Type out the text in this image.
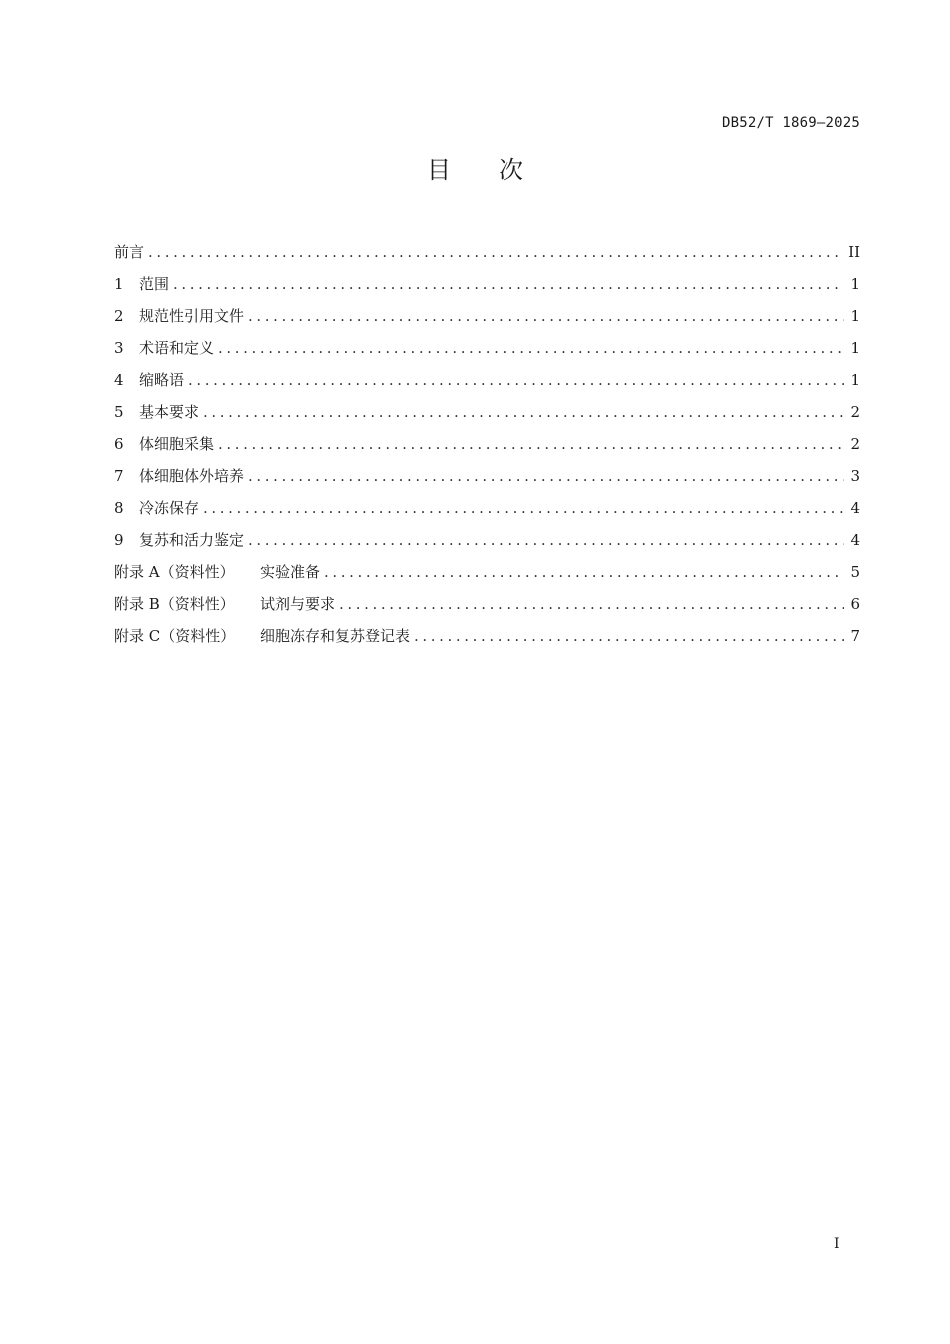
DB52/T 1869—2025
目次
前言 .....	II
1	范围 .....	1
2	规范性引用文件 .....	1
3	术语和定义 .....	1
4	缩略语 .....	1
5	基本要求 .....	2
6	体细胞采集 .....	2
7	体细胞体外培养 .....	3
8	冷冻保存 .....	4
9	复苏和活力鉴定 .....	4
附录 A（资料性）	实验准备 .....	5
附录 B（资料性）	试剂与要求 .....	6
附录 C（资料性）	细胞冻存和复苏登记表 .....	7
I
